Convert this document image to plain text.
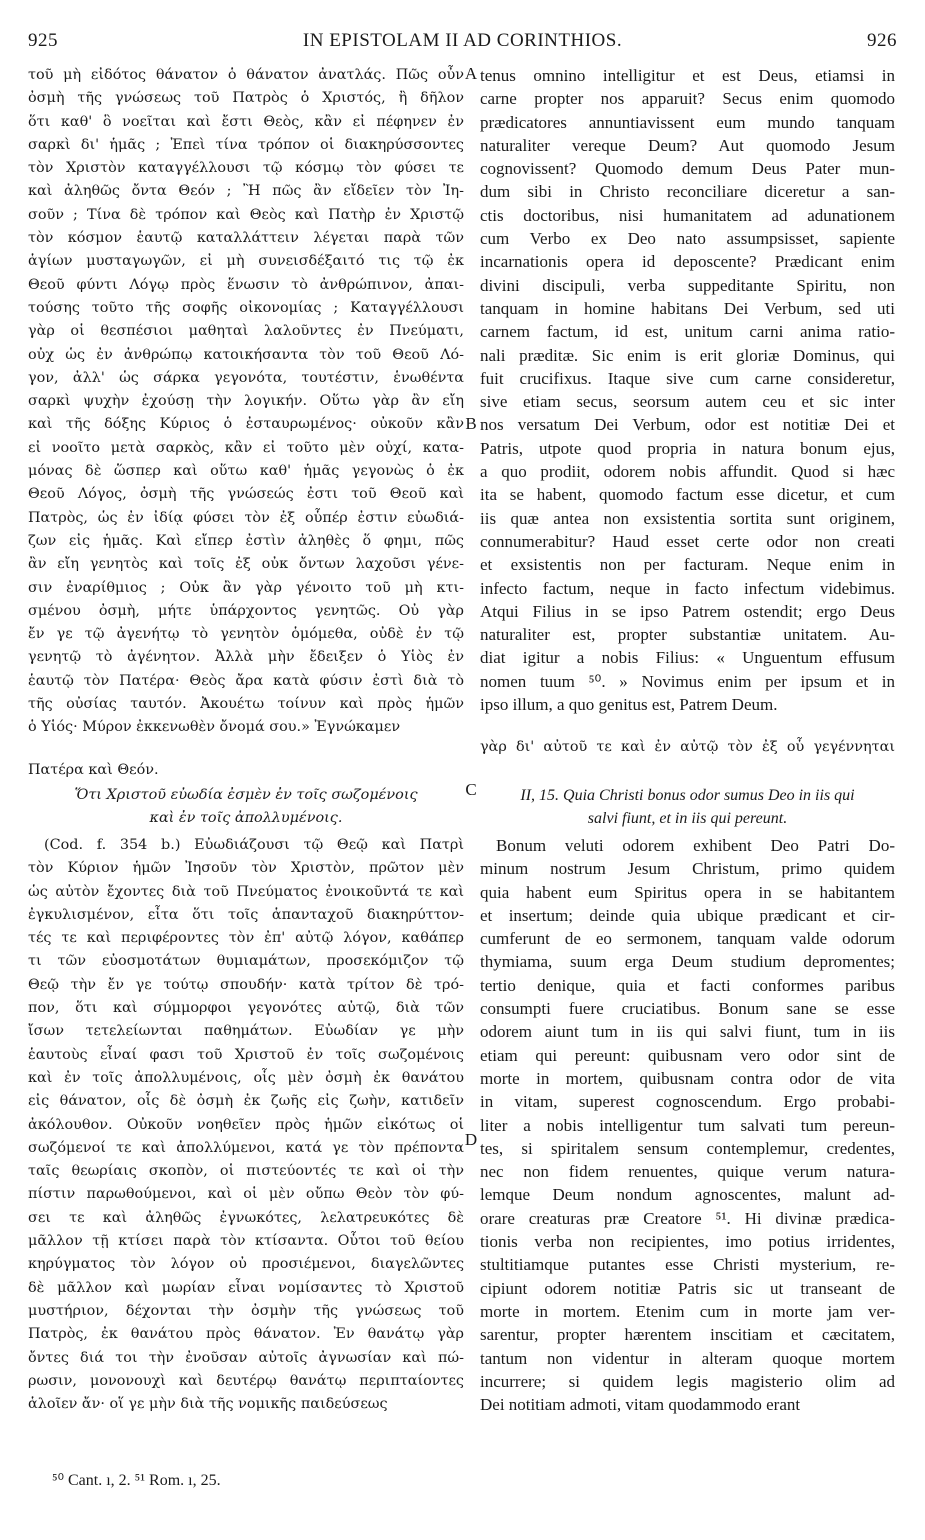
925	IN EPISTOLAM II AD CORINTHIOS.	926
τοῦ μὴ εἰδότος θάνατον ὁ θάνατον ἀνατλάς. Πῶς οὖν
ὀσμὴ τῆς γνώσεως τοῦ Πατρὸς ὁ Χριστός, ἢ δῆλον
ὅτι καθ' ὃ νοεῖται καὶ ἔστι Θεὸς, κἂν εἰ πέφηνεν ἐν
σαρκὶ δι' ἡμᾶς ; Ἐπεὶ τίνα τρόπον οἱ διακηρύσσοντες
τὸν Χριστὸν καταγγέλλουσι τῷ κόσμῳ τὸν φύσει τε
καὶ ἀληθῶς ὄντα Θεόν ; Ἢ πῶς ἂν εἴδεῖεν τὸν Ἰη-
σοῦν ; Τίνα δὲ τρόπον καὶ Θεὸς καὶ Πατὴρ ἐν Χριστῷ
τὸν κόσμον ἑαυτῷ καταλλάττειν λέγεται παρὰ τῶν
ἁγίων μυσταγωγῶν, εἰ μὴ συνεισδέξαιτό τις τῷ ἐκ
Θεοῦ φύντι Λόγῳ πρὸς ἕνωσιν τὸ ἀνθρώπινον, ἀπαι-
τούσης τοῦτο τῆς σοφῆς οἰκονομίας ; Καταγγέλλουσι
γὰρ οἱ θεσπέσιοι μαθηταὶ λαλοῦντες ἐν Πνεύματι,
οὐχ ὡς ἐν ἀνθρώπῳ κατοικήσαντα τὸν τοῦ Θεοῦ Λό-
γον, ἀλλ' ὡς σάρκα γεγονότα, τουτέστιν, ἑνωθέντα
σαρκὶ ψυχὴν ἐχούσῃ τὴν λογικήν. Οὕτω γὰρ ἂν εἴη
καὶ τῆς δόξης Κύριος ὁ ἐσταυρωμένος· οὐκοῦν κἂν
εἰ νοοῖτο μετὰ σαρκὸς, κἂν εἰ τοῦτο μὲν οὐχί, κατα-
μόνας δὲ ὥσπερ καὶ οὕτω καθ' ἡμᾶς γεγονὼς ὁ ἐκ
Θεοῦ Λόγος, ὀσμὴ τῆς γνώσεώς ἐστι τοῦ Θεοῦ καὶ
Πατρὸς, ὡς ἐν ἰδίᾳ φύσει τὸν ἐξ οὗπέρ ἐστιν εὐωδιά-
ζων εἰς ἡμᾶς. Καὶ εἴπερ ἐστὶν ἀληθὲς ὅ φημι, πῶς
ἂν εἴη γενητὸς καὶ τοῖς ἐξ οὐκ ὄντων λαχοῦσι γένε-
σιν ἐναρίθμιος ; Οὐκ ἂν γὰρ γένοιτο τοῦ μὴ κτι-
σμένου ὀσμὴ, μήτε ὑπάρχοντος γενητῶς. Οὐ γὰρ
ἔν γε τῷ ἀγενήτῳ τὸ γενητὸν ὁμόμεθα, οὐδὲ ἐν τῷ
γενητῷ τὸ ἀγένητον. Ἀλλὰ μὴν ἔδειξεν ὁ Υἱὸς ἐν
ἑαυτῷ τὸν Πατέρα· Θεὸς ἄρα κατὰ φύσιν ἐστὶ διὰ τὸ
τῆς οὐσίας ταυτόν. Ἀκουέτω τοίνυν καὶ πρὸς ἡμῶν
ὁ Υἱός· Μύρον ἐκκενωθὲν ὄνομά σου.» Ἐγνώκαμεν
tenus omnino intelligitur et est Deus, etiamsi in
carne propter nos apparuit? Secus enim quomodo
prædicatores annuntiavissent eum mundo tanquam
naturaliter vereque Deum? Aut quomodo Jesum
cognovissent? Quomodo demum Deus Pater mun-
dum sibi in Christo reconciliare diceretur a san-
ctis doctoribus, nisi humanitatem ad adunationem
cum Verbo ex Deo nato assumpsisset, sapiente
incarnationis opera id deposcente? Prædicant enim
divini discipuli, verba suppeditante Spiritu, non
tanquam in homine habitans Dei Verbum, sed uti
carnem factum, id est, unitum carni anima ratio-
nali præditæ. Sic enim is erit gloriæ Dominus, qui
fuit crucifixus. Itaque sive cum carne consideretur,
sive etiam secus, seorsum autem ceu et sic inter
nos versatum Dei Verbum, odor est notitiæ Dei et
Patris, utpote quod propria in natura bonum ejus,
a quo prodiit, odorem nobis affundit. Quod si hæc
ita se habent, quomodo factum esse dicetur, et cum
iis quæ antea non exsistentia sortita sunt originem,
connumerabitur? Haud esset certe odor non creati
et exsistentis non per facturam. Neque enim in
infecto factum, neque in facto infectum videbimus.
Atqui Filius in se ipso Patrem ostendit; ergo Deus
naturaliter est, propter substantiæ unitatem. Au-
diat igitur a nobis Filius: « Unguentum effusum
nomen tuum ⁵⁰. » Novimus enim per ipsum et in
ipso illum, a quo genitus est, Patrem Deum.
γὰρ δι' αὐτοῦ τε καὶ ἐν αὐτῷ τὸν ἐξ οὗ γεγέννηται
Πατέρα καὶ Θεόν.
Ὅτι Χριστοῦ εὐωδία ἐσμὲν ἐν τοῖς σωζομένοις
καὶ ἐν τοῖς ἀπολλυμένοις.
II, 15. Quia Christi bonus odor sumus Deo in iis qui
salvi fiunt, et in iis qui pereunt.
(Cod. f. 354 b.) Εὐωδιάζουσι τῷ Θεῷ καὶ Πατρὶ
τὸν Κύριον ἡμῶν Ἰησοῦν τὸν Χριστὸν, πρῶτον μὲν
ὡς αὐτὸν ἔχοντες διὰ τοῦ Πνεύματος ἐνοικοῦντά τε καὶ
ἐγκυλισμένον, εἶτα ὅτι τοῖς ἁπανταχοῦ διακηρύττον-
τές τε καὶ περιφέροντες τὸν ἐπ' αὐτῷ λόγον, καθάπερ
τι τῶν εὐοσμοτάτων θυμιαμάτων, προσεκόμιζον τῷ
Θεῷ τὴν ἔν γε τούτῳ σπουδήν· κατὰ τρίτον δὲ τρό-
πον, ὅτι καὶ σύμμορφοι γεγονότες αὐτῷ, διὰ τῶν
ἴσων τετελείωνται παθημάτων. Εὐωδίαν γε μὴν
ἑαυτοὺς εἶναί φασι τοῦ Χριστοῦ ἐν τοῖς σωζομένοις
καὶ ἐν τοῖς ἀπολλυμένοις, οἷς μὲν ὀσμὴ ἐκ θανάτου
εἰς θάνατον, οἷς δὲ ὀσμὴ ἐκ ζωῆς εἰς ζωὴν, κατιδεῖν
ἀκόλουθον. Οὐκοῦν νοηθεῖεν πρὸς ἡμῶν εἰκότως οἱ
σωζόμενοί τε καὶ ἀπολλύμενοι, κατά γε τὸν πρέποντα
ταῖς θεωρίαις σκοπὸν, οἱ πιστεύοντές τε καὶ οἱ τὴν
πίστιν παρωθούμενοι, καὶ οἱ μὲν οὔπω Θεὸν τὸν φύ-
σει τε καὶ ἀληθῶς ἐγνωκότες, λελατρευκότες δὲ
μᾶλλον τῇ κτίσει παρὰ τὸν κτίσαντα. Οὗτοι τοῦ θείου
κηρύγματος τὸν λόγον οὐ προσιέμενοι, διαγελῶντες
δὲ μᾶλλον καὶ μωρίαν εἶναι νομίσαντες τὸ Χριστοῦ
μυστήριον, δέχονται τὴν ὀσμὴν τῆς γνώσεως τοῦ
Πατρὸς, ἐκ θανάτου πρὸς θάνατον. Ἐν θανάτῳ γὰρ
ὄντες διά τοι τὴν ἐνοῦσαν αὐτοῖς ἀγνωσίαν καὶ πώ-
ρωσιν, μονονουχὶ καὶ δευτέρῳ θανάτῳ περιπταίοντες
ἁλοῖεν ἄν· οἵ γε μὴν διὰ τῆς νομικῆς παιδεύσεως
Bonum veluti odorem exhibent Deo Patri Do-
minum nostrum Jesum Christum, primo quidem
quia habent eum Spiritus opera in se habitantem
et insertum; deinde quia ubique prædicant et cir-
cumferunt de eo sermonem, tanquam valde odorum
thymiama, suum erga Deum studium depromentes;
tertio denique, quia et facti conformes paribus
consumpti fuere cruciatibus. Bonum sane se esse
odorem aiunt tum in iis qui salvi fiunt, tum in iis
etiam qui pereunt: quibusnam vero odor sint de
morte in mortem, quibusnam contra odor de vita
in vitam, superest cognoscendum. Ergo probabi-
liter a nobis intelligentur tum salvati tum pereun-
tes, si spiritalem sensum contemplemur, credentes,
nec non fidem renuentes, quique verum natura-
lemque Deum nondum agnoscentes, malunt ad-
orare creaturas præ Creatore ⁵¹. Hi divinæ prædica-
tionis verba non recipientes, imo potius irridentes,
stultitiamque putantes esse Christi mysterium, re-
cipiunt odorem notitiæ Patris sic ut transeant de
morte in mortem. Etenim cum in morte jam ver-
sarentur, propter hærentem inscitiam et cæcitatem,
tantum non videntur in alteram quoque mortem
incurrere; si quidem legis magisterio olim ad
Dei notitiam admoti, vitam quodammodo erant
A
B
C
D
⁵⁰ Cant. ı, 2. ⁵¹ Rom. ı, 25.
